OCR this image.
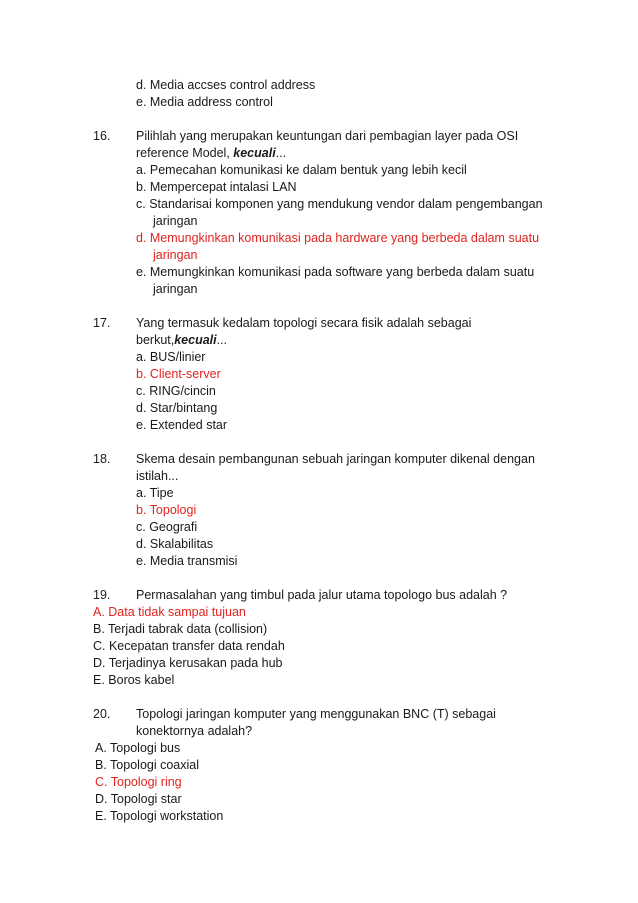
d. Media accses control address
e. Media address control
16. Pilihlah yang merupakan keuntungan dari pembagian layer pada OSI
reference Model, kecuali...
a. Pemecahan komunikasi ke dalam bentuk yang lebih kecil
b. Mempercepat intalasi LAN
c. Standarisai komponen yang mendukung vendor dalam pengembangan
jaringan
d. Memungkinkan komunikasi pada hardware yang berbeda dalam suatu
jaringan
e. Memungkinkan komunikasi pada software yang berbeda dalam suatu
jaringan
17. Yang termasuk kedalam topologi secara fisik adalah sebagai
berkut,kecuali...
a. BUS/linier
b. Client-server
c. RING/cincin
d. Star/bintang
e. Extended star
18. Skema desain pembangunan sebuah jaringan komputer dikenal dengan
istilah...
a. Tipe
b. Topologi
c. Geografi
d. Skalabilitas
e. Media transmisi
19. Permasalahan yang timbul pada jalur utama topologo bus adalah ?
A. Data tidak sampai tujuan
B. Terjadi tabrak data (collision)
C. Kecepatan transfer data rendah
D. Terjadinya kerusakan pada hub
E. Boros kabel
20. Topologi jaringan komputer yang menggunakan BNC (T) sebagai
konektornya adalah?
A. Topologi bus
B. Topologi coaxial
C. Topologi ring
D. Topologi star
E. Topologi workstation
